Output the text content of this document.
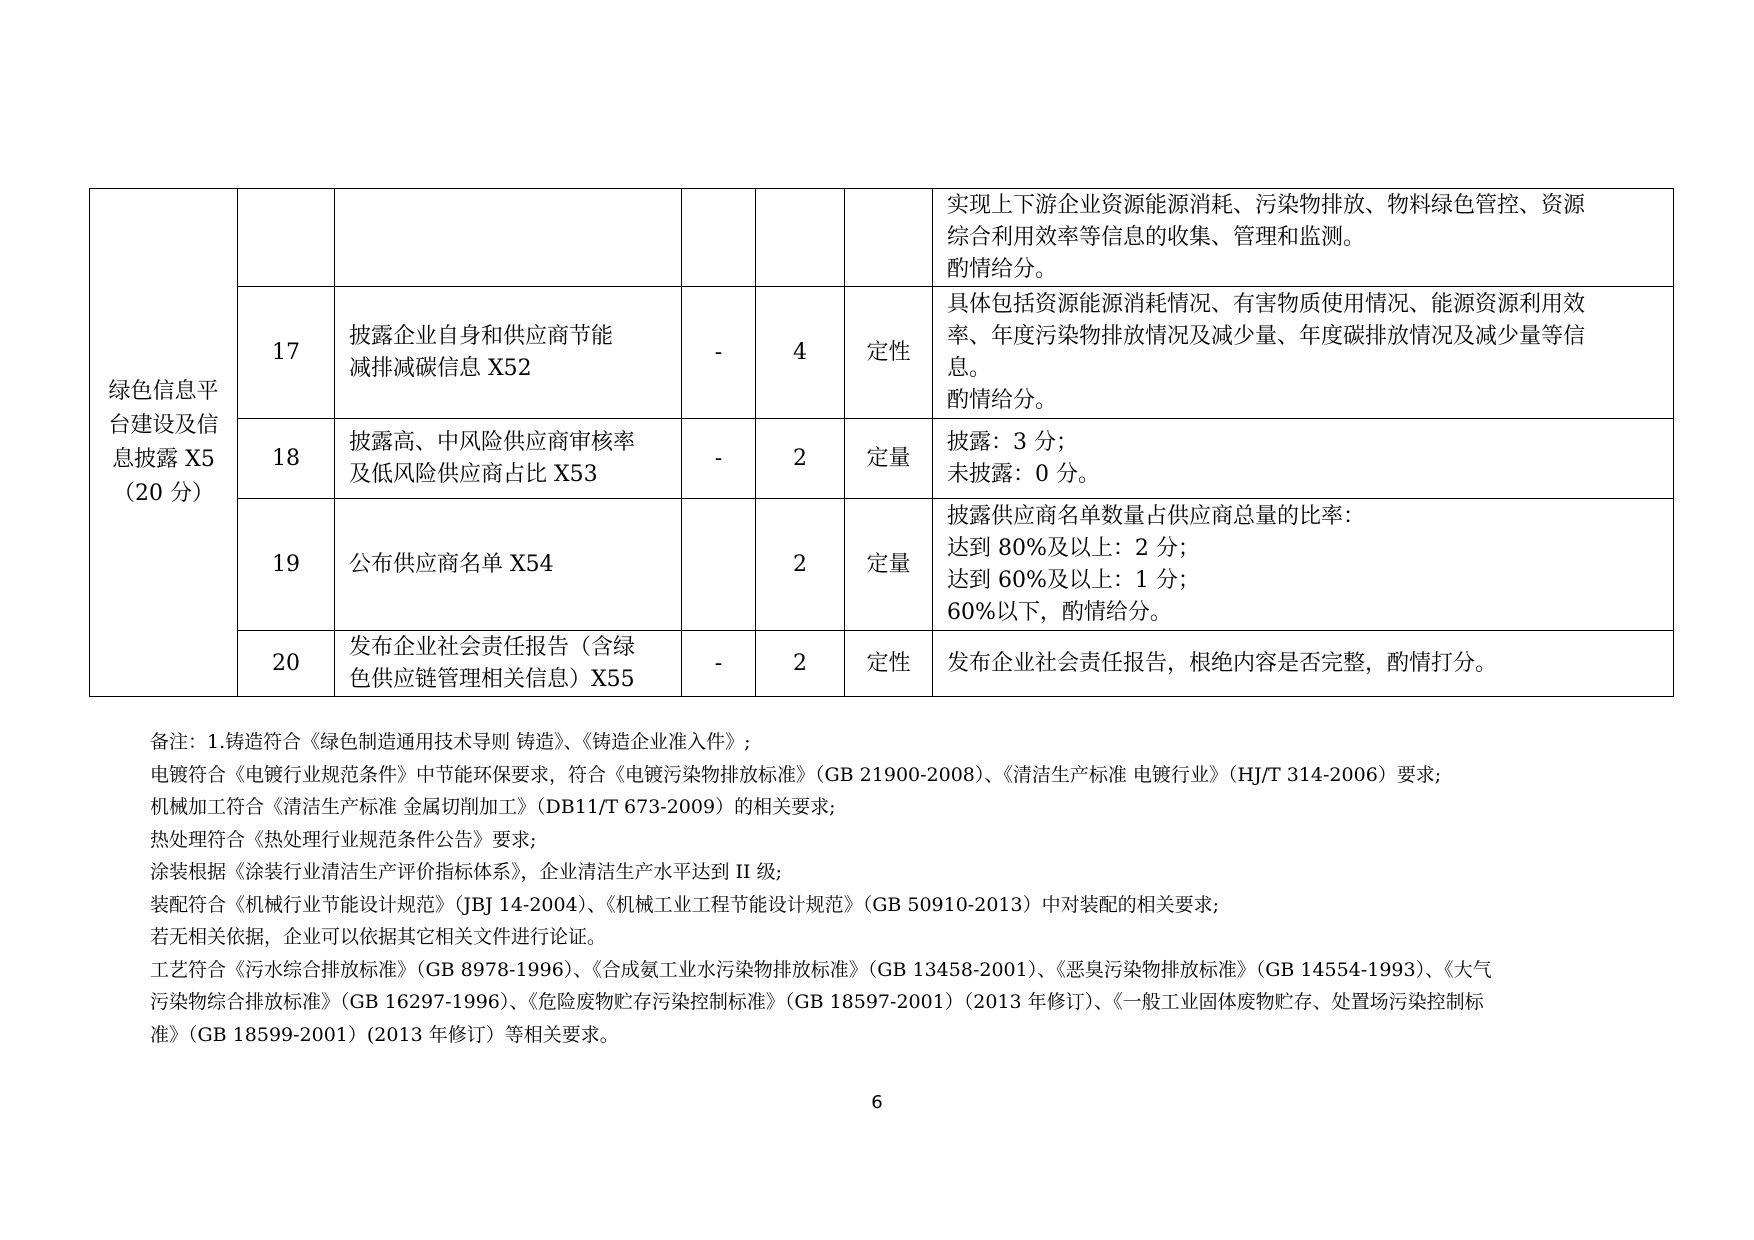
绿色信息平
台建设及信
息披露 X5
（20 分）						实现上下游企业资源能源消耗、污染物排放、物料绿色管控、资源
综合利用效率等信息的收集、管理和监测。
酌情给分。

	17	披露企业自身和供应商节能
减排减碳信息 X52	-	4	定性	具体包括资源能源消耗情况、有害物质使用情况、能源资源利用效
率、年度污染物排放情况及减少量、年度碳排放情况及减少量等信
息。
酌情给分。

	18	披露高、中风险供应商审核率
及低风险供应商占比 X53	-	2	定量	披露：3 分；
未披露：0 分。

	19	公布供应商名单 X54		2	定量	披露供应商名单数量占供应商总量的比率：
达到 80%及以上：2 分；
达到 60%及以上：1 分；
60%以下，酌情给分。

	20	发布企业社会责任报告（含绿
色供应链管理相关信息）X55	-	2	定性	发布企业社会责任报告，根绝内容是否完整，酌情打分。
备注：1.铸造符合《绿色制造通用技术导则 铸造》、《铸造企业准入件》;
电镀符合《电镀行业规范条件》中节能环保要求，符合《电镀污染物排放标准》（GB 21900-2008）、《清洁生产标准 电镀行业》（HJ/T 314-2006）要求;
机械加工符合《清洁生产标准 金属切削加工》（DB11/T 673-2009）的相关要求;
热处理符合《热处理行业规范条件公告》要求;
涂装根据《涂装行业清洁生产评价指标体系》，企业清洁生产水平达到 II 级;
装配符合《机械行业节能设计规范》（JBJ 14-2004）、《机械工业工程节能设计规范》（GB 50910-2013）中对装配的相关要求;
若无相关依据，企业可以依据其它相关文件进行论证。
工艺符合《污水综合排放标准》（GB 8978-1996）、《合成氨工业水污染物排放标准》（GB 13458-2001）、《恶臭污染物排放标准》（GB 14554-1993）、《大气
污染物综合排放标准》（GB 16297-1996）、《危险废物贮存污染控制标准》（GB 18597-2001）（2013 年修订）、《一般工业固体废物贮存、处置场污染控制标
准》（GB 18599-2001）(2013 年修订）等相关要求。
6
